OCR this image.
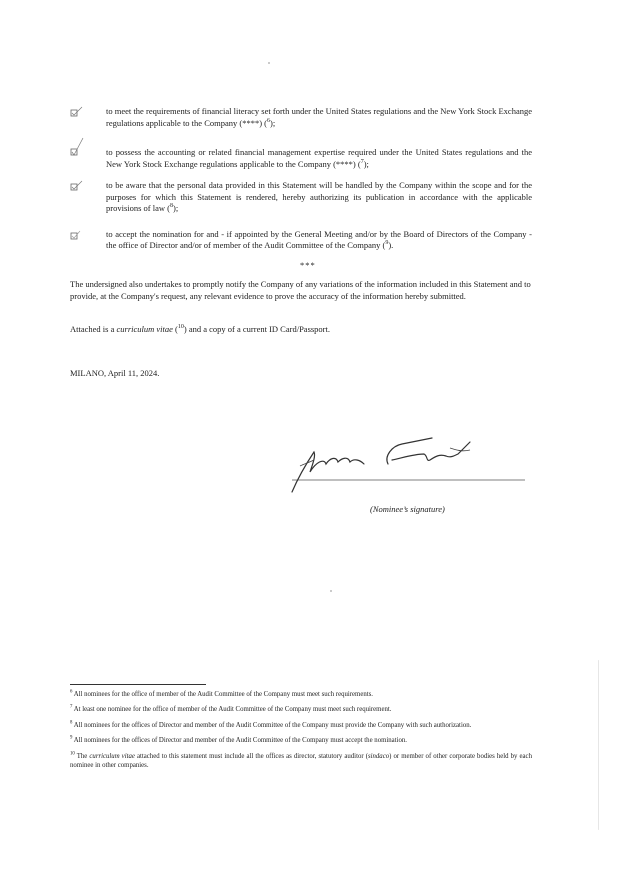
to meet the requirements of financial literacy set forth under the United States regulations and the New York Stock Exchange regulations applicable to the Company (****) ($^6$);
to possess the accounting or related financial management expertise required under the United States regulations and the New York Stock Exchange regulations applicable to the Company (****) ($^7$);
to be aware that the personal data provided in this Statement will be handled by the Company within the scope and for the purposes for which this Statement is rendered, hereby authorizing its publication in accordance with the applicable provisions of law ($^8$);
to accept the nomination for and - if appointed by the General Meeting and/or by the Board of Directors of the Company - the office of Director and/or of member of the Audit Committee of the Company ($^9$).
***
The undersigned also undertakes to promptly notify the Company of any variations of the information included in this Statement and to provide, at the Company's request, any relevant evidence to prove the accuracy of the information hereby submitted.
Attached is a curriculum vitae ($^{10}$) and a copy of a current ID Card/Passport.
MILANO, April 11, 2024.
(Nominee’s signature)
$^6$ All nominees for the office of member of the Audit Committee of the Company must meet such requirements.
$^7$ At least one nominee for the office of member of the Audit Committee of the Company must meet such requirement.
$^8$ All nominees for the offices of Director and member of the Audit Committee of the Company must provide the Company with such authorization.
$^9$ All nominees for the offices of Director and member of the Audit Committee of the Company must accept the nomination.
$^{10}$ The curriculum vitae attached to this statement must include all the offices as director, statutory auditor (sindaco) or member of other corporate bodies held by each nominee in other companies.
